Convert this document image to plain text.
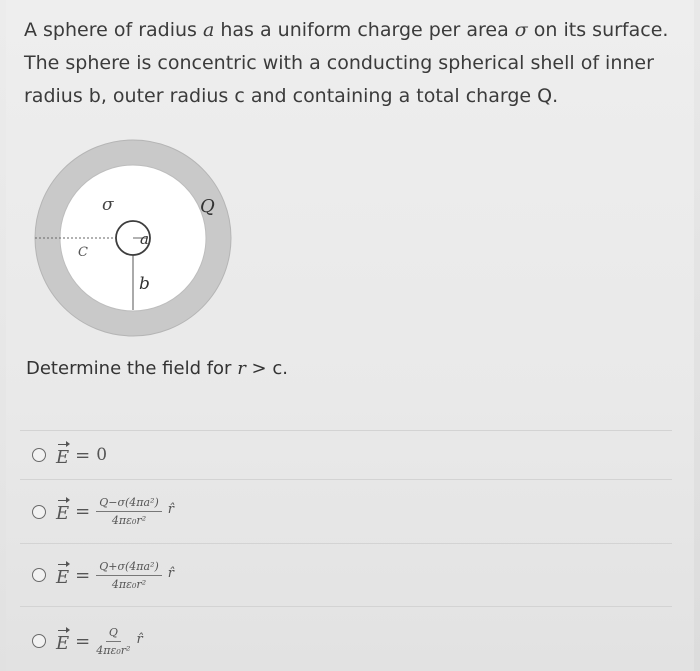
A sphere of radius a has a uniform charge per area σ on its surface. The sphere is concentric with a conducting spherical shell of inner radius b, outer radius c and containing a total charge Q.
σ
a
b
C
Q
Determine the field for r > c.
E = 0
$E = \frac{\text{Q−σ(4πa²)}}{\text{4πε₀r²}}$ r̂
$E = \frac{\text{Q+σ(4πa²)}}{\text{4πε₀r²}}$ r̂
$E = \frac{Q}{\text{4πε₀r²}}$ r̂
